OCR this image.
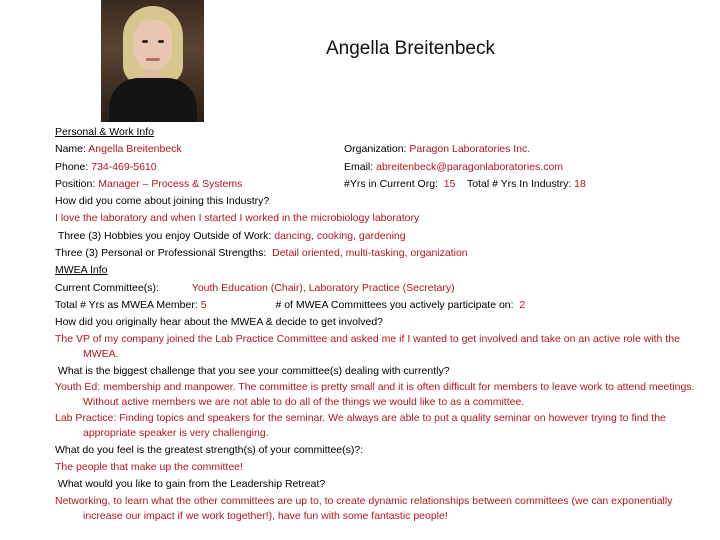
Angella Breitenbeck
Personal & Work Info
Name: Angella Breitenbeck	Organization: Paragon Laboratories Inc.
Phone: 734-469-5610	Email: abreitenbeck@paragonlaboratories.com
Position: Manager – Process & Systems	#Yrs in Current Org: 15 Total # Yrs In Industry: 18
How did you come about joining this Industry?
I love the laboratory and when I started I worked in the microbiology laboratory
Three (3) Hobbies you enjoy Outside of Work: dancing, cooking, gardening
Three (3) Personal or Professional Strengths: Detail oriented, multi-tasking, organization
MWEA Info
Current Committee(s):	Youth Education (Chair), Laboratory Practice (Secretary)
Total # Yrs as MWEA Member: 5	# of MWEA Committees you actively participate on: 2
How did you originally hear about the MWEA & decide to get involved?
The VP of my company joined the Lab Practice Committee and asked me if I wanted to get involved and take on an active role with the MWEA.
What is the biggest challenge that you see your committee(s) dealing with currently?
Youth Ed: membership and manpower. The committee is pretty small and it is often difficult for members to leave work to attend meetings. Without active members we are not able to do all of the things we would like to as a committee.
Lab Practice: Finding topics and speakers for the seminar. We always are able to put a quality seminar on however trying to find the appropriate speaker is very challenging.
What do you feel is the greatest strength(s) of your committee(s)?:
The people that make up the committee!
What would you like to gain from the Leadership Retreat?
Networking, to learn what the other committees are up to, to create dynamic relationships between committees (we can exponentially increase our impact if we work together!), have fun with some fantastic people!
